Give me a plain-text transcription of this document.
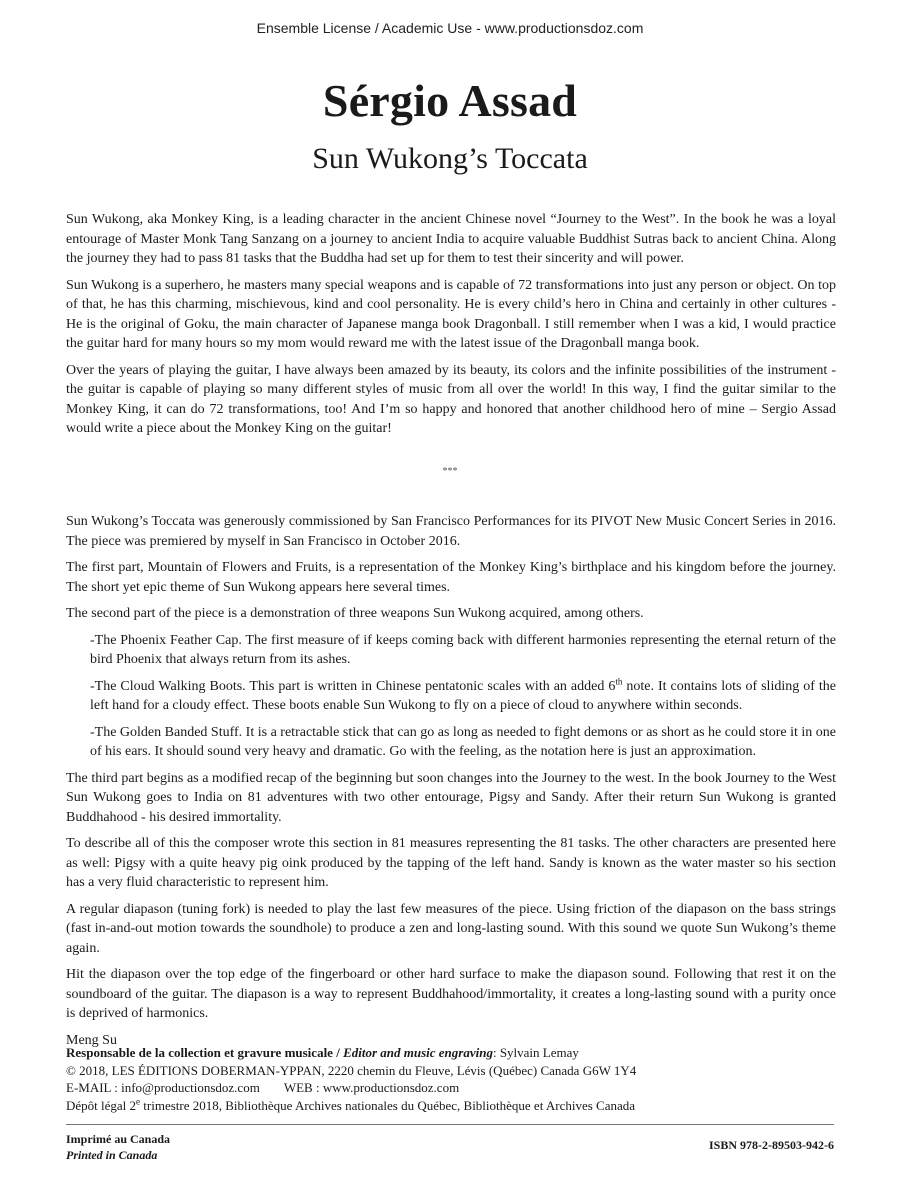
Ensemble License / Academic Use - www.productionsdoz.com
Sérgio Assad
Sun Wukong’s Toccata

Sun Wukong, aka Monkey King, is a leading character in the ancient Chinese novel “Journey to the West”. In the book he was a loyal entourage of Master Monk Tang Sanzang on a journey to ancient India to acquire valuable Buddhist Sutras back to ancient China. Along the journey they had to pass 81 tasks that the Buddha had set up for them to test their sincerity and will power.

Sun Wukong is a superhero, he masters many special weapons and is capable of 72 transformations into just any person or object. On top of that, he has this charming, mischievous, kind and cool personality. He is every child’s hero in China and certainly in other cultures - He is the original of Goku, the main character of Japanese manga book Dragonball. I still remember when I was a kid, I would practice the guitar hard for many hours so my mom would reward me with the latest issue of the Dragonball manga book.

Over the years of playing the guitar, I have always been amazed by its beauty, its colors and the infinite possibilities of the instrument - the guitar is capable of playing so many different styles of music from all over the world! In this way, I find the guitar similar to the Monkey King, it can do 72 transformations, too! And I’m so happy and honored that another childhood hero of mine – Sergio Assad would write a piece about the Monkey King on the guitar!

***

Sun Wukong’s Toccata was generously commissioned by San Francisco Performances for its PIVOT New Music Concert Series in 2016. The piece was premiered by myself in San Francisco in October 2016.

The first part, Mountain of Flowers and Fruits, is a representation of the Monkey King’s birthplace and his kingdom before the journey. The short yet epic theme of Sun Wukong appears here several times.

The second part of the piece is a demonstration of three weapons Sun Wukong acquired, among others.

-The Phoenix Feather Cap. The first measure of if keeps coming back with different harmonies representing the eternal return of the bird Phoenix that always return from its ashes.

-The Cloud Walking Boots. This part is written in Chinese pentatonic scales with an added 6th note. It contains lots of sliding of the left hand for a cloudy effect. These boots enable Sun Wukong to fly on a piece of cloud to anywhere within seconds.

-The Golden Banded Stuff. It is a retractable stick that can go as long as needed to fight demons or as short as he could store it in one of his ears. It should sound very heavy and dramatic. Go with the feeling, as the notation here is just an approximation.

The third part begins as a modified recap of the beginning but soon changes into the Journey to the west. In the book Journey to the West Sun Wukong goes to India on 81 adventures with two other entourage, Pigsy and Sandy. After their return Sun Wukong is granted Buddhahood - his desired immortality.

To describe all of this the composer wrote this section in 81 measures representing the 81 tasks. The other characters are presented here as well: Pigsy with a quite heavy pig oink produced by the tapping of the left hand. Sandy is known as the water master so his section has a very fluid characteristic to represent him.

A regular diapason (tuning fork) is needed to play the last few measures of the piece. Using friction of the diapason on the bass strings (fast in-and-out motion towards the soundhole) to produce a zen and long-lasting sound. With this sound we quote Sun Wukong’s theme again.

Hit the diapason over the top edge of the fingerboard or other hard surface to make the diapason sound. Following that rest it on the soundboard of the guitar. The diapason is a way to represent Buddhahood/immortality, it creates a long-lasting sound with a purity once is deprived of harmonics.

Meng Su

Responsable de la collection et gravure musicale / Editor and music engraving: Sylvain Lemay
© 2018, LES ÉDITIONS DOBERMAN-YPPAN, 2220 chemin du Fleuve, Lévis (Québec) Canada G6W 1Y4
E-MAIL : info@productionsdoz.com WEB : www.productionsdoz.com
Dépôt légal 2e trimestre 2018, Bibliothèque Archives nationales du Québec, Bibliothèque et Archives Canada
Imprimé au Canada
Printed in Canada
ISBN 978-2-89503-942-6
